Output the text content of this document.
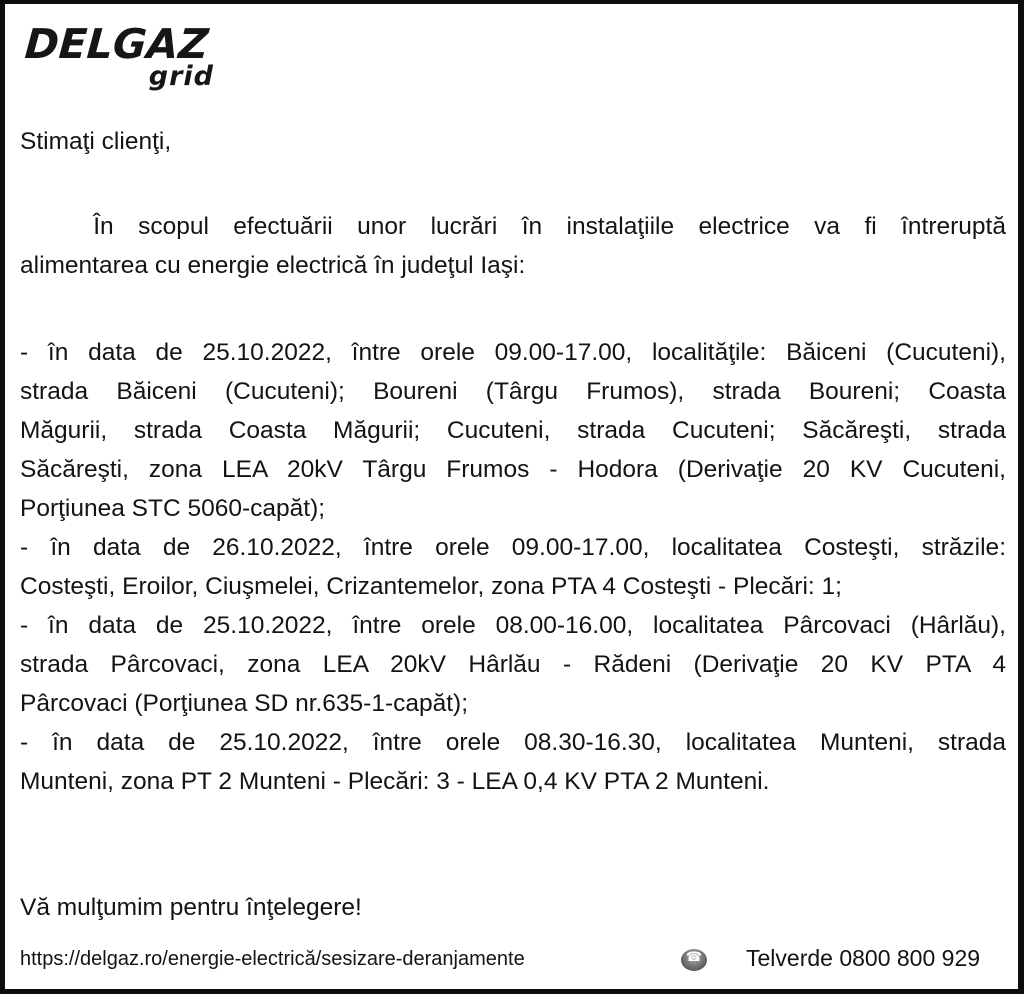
DELGAZ
grid
Stimaţi clienţi,
În scopul efectuării unor lucrări în instalaţiile electrice va fi întreruptă
alimentarea cu energie electrică în judeţul Iaşi:
- în data de 25.10.2022, între orele 09.00-17.00, localităţile: Băiceni (Cucuteni),
strada Băiceni (Cucuteni); Boureni (Târgu Frumos), strada Boureni; Coasta
Măgurii, strada Coasta Măgurii; Cucuteni, strada Cucuteni; Săcăreşti, strada
Săcăreşti, zona LEA 20kV Târgu Frumos - Hodora (Derivaţie 20 KV Cucuteni,
Porţiunea STC 5060-capăt);
- în data de 26.10.2022, între orele 09.00-17.00, localitatea Costeşti, străzile:
Costeşti, Eroilor, Ciuşmelei, Crizantemelor, zona PTA 4 Costeşti - Plecări: 1;
- în data de 25.10.2022, între orele 08.00-16.00, localitatea Pârcovaci (Hârlău),
strada Pârcovaci, zona LEA 20kV Hârlău - Rădeni (Derivaţie 20 KV PTA 4
Pârcovaci (Porţiunea SD nr.635-1-capăt);
- în data de 25.10.2022, între orele 08.30-16.30, localitatea Munteni, strada
Munteni, zona PT 2 Munteni - Plecări: 3 - LEA 0,4 KV PTA 2 Munteni.
Vă mulţumim pentru înţelegere!
https://delgaz.ro/energie-electrică/sesizare-deranjamente ☎	Telverde 0800 800 929
